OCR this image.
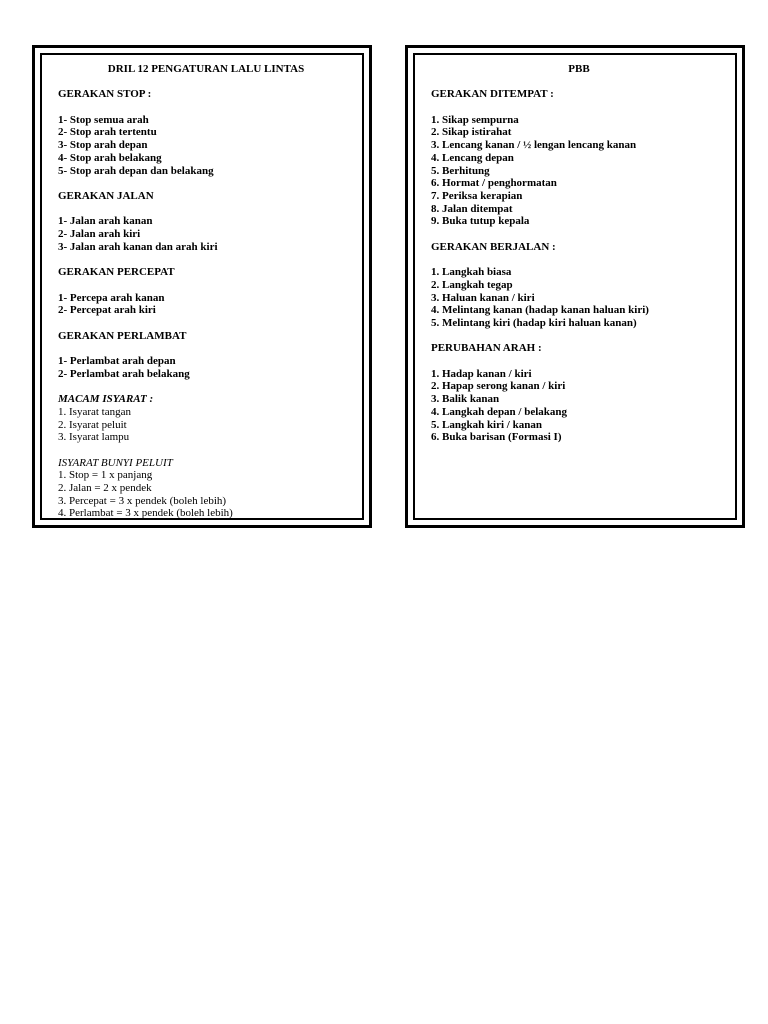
DRIL 12 PENGATURAN LALU LINTAS
GERAKAN STOP :
1- Stop semua arah
2- Stop arah tertentu
3- Stop arah depan
4- Stop arah belakang
5- Stop arah depan dan belakang
GERAKAN JALAN
1- Jalan arah kanan
2- Jalan arah kiri
3- Jalan arah kanan dan arah kiri
GERAKAN PERCEPAT
1- Percepa arah kanan
2- Percepat arah kiri
GERAKAN PERLAMBAT
1- Perlambat arah depan
2- Perlambat arah belakang
MACAM ISYARAT :
1. Isyarat tangan
2. Isyarat peluit
3. Isyarat lampu
ISYARAT BUNYI PELUIT
1. Stop = 1 x panjang
2. Jalan = 2 x pendek
3. Percepat = 3 x pendek (boleh lebih)
4. Perlambat = 3 x pendek (boleh lebih)
PBB
GERAKAN DITEMPAT :
1. Sikap sempurna
2. Sikap istirahat
3. Lencang kanan / ½ lengan lencang kanan
4. Lencang depan
5. Berhitung
6. Hormat / penghormatan
7. Periksa kerapian
8. Jalan ditempat
9. Buka tutup kepala
GERAKAN BERJALAN :
1. Langkah biasa
2. Langkah tegap
3. Haluan kanan / kiri
4. Melintang kanan (hadap kanan haluan kiri)
5. Melintang kiri (hadap kiri haluan kanan)
PERUBAHAN ARAH :
1. Hadap kanan / kiri
2. Hapap serong kanan / kiri
3. Balik kanan
4. Langkah depan / belakang
5. Langkah kiri / kanan
6. Buka barisan (Formasi I)
